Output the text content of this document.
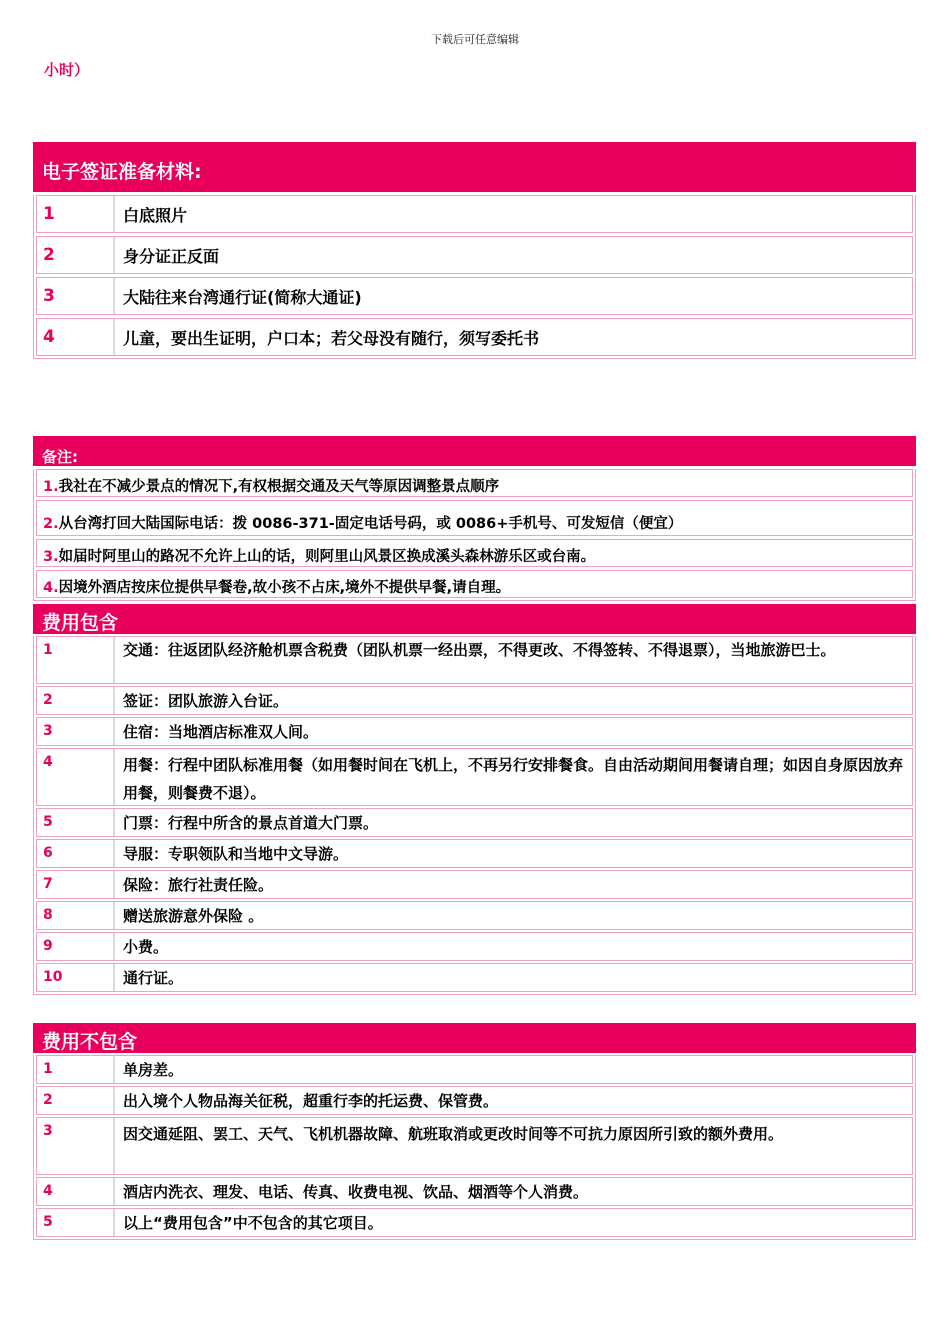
下载后可任意编辑
小时）
电子签证准备材料:
1	白底照片
2	身分证正反面
3	大陆往来台湾通行证(简称大通证)
4	儿童，要出生证明，户口本；若父母没有随行，须写委托书
备注:
1.我社在不减少景点的情况下,有权根据交通及天气等原因调整景点顺序
2.从台湾打回大陆国际电话：拨 0086-371-固定电话号码，或 0086+手机号、可发短信（便宜）
3.如届时阿里山的路况不允许上山的话，则阿里山风景区换成溪头森林游乐区或台南。
4.因境外酒店按床位提供早餐卷,故小孩不占床,境外不提供早餐,请自理。
费用包含
1	交通：往返团队经济舱机票含税费（团队机票一经出票，不得更改、不得签转、不得退票），当地旅游巴士。
2	签证：团队旅游入台证。
3	住宿：当地酒店标准双人间。
4	用餐：行程中团队标准用餐（如用餐时间在飞机上，不再另行安排餐食。自由活动期间用餐请自理；如因自身原因放弃用餐，则餐费不退）。
5	门票：行程中所含的景点首道大门票。
6	导服：专职领队和当地中文导游。
7	保险：旅行社责任险。
8	赠送旅游意外保险 。
9	小费。
10	通行证。
费用不包含
1	单房差。
2	出入境个人物品海关征税，超重行李的托运费、保管费。
3	因交通延阻、罢工、天气、飞机机器故障、航班取消或更改时间等不可抗力原因所引致的额外费用。
4	酒店内洗衣、理发、电话、传真、收费电视、饮品、烟酒等个人消费。
5	以上“费用包含”中不包含的其它项目。
